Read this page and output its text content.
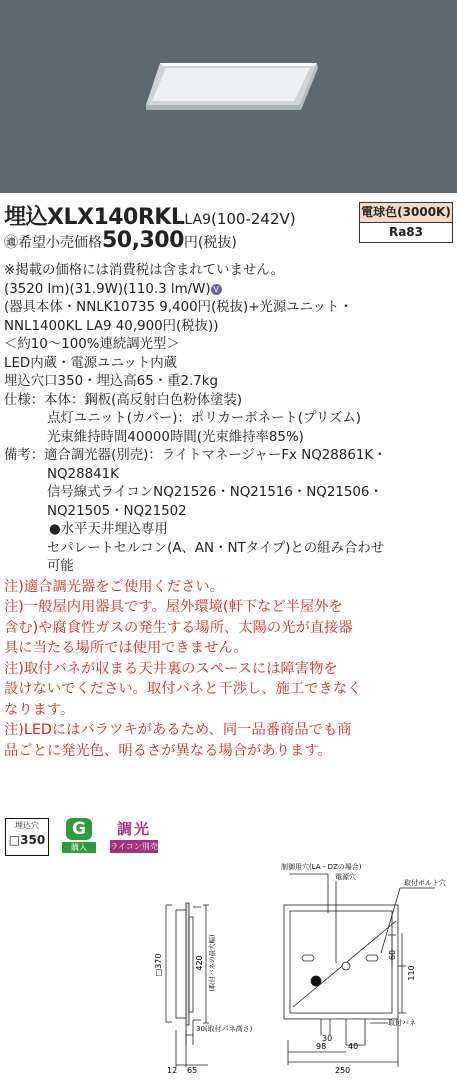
埋込XLX140RKLLA9(100-242V)	電球色(3000K)
Ra83
㊜希望小売価格50,300円(税抜)
※掲載の価格には消費税は含まれていません。
(3520 lm)(31.9W)(110.3 lm/W) V
(器具本体・NNLK10735 9,400円(税抜)+光源ユニット・
NNL1400KL LA9 40,900円(税抜))
＜約10～100%連続調光型＞
LED内蔵・電源ユニット内蔵
埋込穴口350・埋込高65・重2.7kg
仕様：本体：鋼板(高反射白色粉体塗装)
点灯ユニット(カバー)：ポリカーボネート(プリズム)
光束維持時間40000時間(光束維持率85%)
備考：適合調光器(別売)：ライトマネージャーFx NQ28861K・
NQ28841K
信号線式ライコンNQ21526・NQ21516・NQ21506・
NQ21505・NQ21502
●水平天井埋込専用
セパレートセルコン(A、AN・NTタイプ)との組み合わせ
可能
注)適合調光器をご使用ください。
注)一般屋内用器具です。屋外環境(軒下など半屋外を
含む)や腐食性ガスの発生する場所、太陽の光が直接器
具に当たる場所では使用できません。
注)取付バネが収まる天井裏のスペースには障害物を
設けないでください。取付バネと干渉し、施工できなく
なります。
注)LEDにはバラツキがあるため、同一品番商品でも商
品ごとに発光色、明るさが異なる場合があります。
埋込穴
□350
G
購入
調光
ライコン別売
□370	420 (取付バネの最大幅)
30(取付バネ高さ)
12 65
制御用穴(LA・DZの場合)
電源穴
取付ボルト穴
取付バネ
60
110
30
98	40
250
